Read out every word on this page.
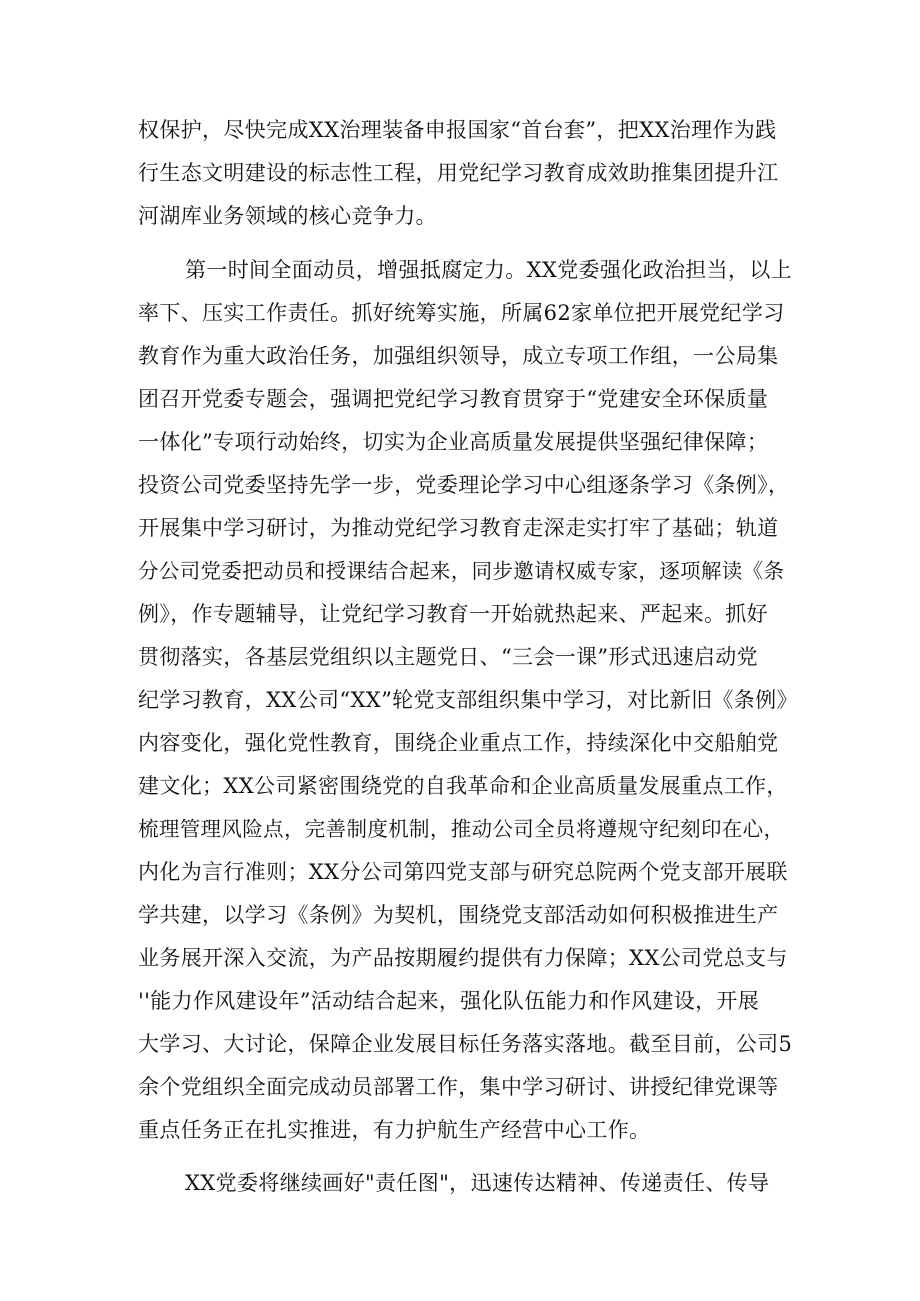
权保护，尽快完成XX治理装备申报国家“首台套”，把XX治理作为践
行生态文明建设的标志性工程，用党纪学习教育成效助推集团提升江
河湖库业务领域的核心竞争力。
第一时间全面动员，增强抵腐定力。XX党委强化政治担当，以上
率下、压实工作责任。抓好统筹实施，所属62家单位把开展党纪学习
教育作为重大政治任务，加强组织领导，成立专项工作组，一公局集
团召开党委专题会，强调把党纪学习教育贯穿于“党建安全环保质量
一体化”专项行动始终，切实为企业高质量发展提供坚强纪律保障；
投资公司党委坚持先学一步，党委理论学习中心组逐条学习《条例》，
开展集中学习研讨，为推动党纪学习教育走深走实打牢了基础；轨道
分公司党委把动员和授课结合起来，同步邀请权威专家，逐项解读《条
例》，作专题辅导，让党纪学习教育一开始就热起来、严起来。抓好
贯彻落实，各基层党组织以主题党日、“三会一课”形式迅速启动党
纪学习教育，XX公司“XX”轮党支部组织集中学习，对比新旧《条例》
内容变化，强化党性教育，围绕企业重点工作，持续深化中交船舶党
建文化；XX公司紧密围绕党的自我革命和企业高质量发展重点工作，
梳理管理风险点，完善制度机制，推动公司全员将遵规守纪刻印在心，
内化为言行准则；XX分公司第四党支部与研究总院两个党支部开展联
学共建，以学习《条例》为契机，围绕党支部活动如何积极推进生产
业务展开深入交流，为产品按期履约提供有力保障；XX公司党总支与
''能力作风建设年”活动结合起来，强化队伍能力和作风建设，开展
大学习、大讨论，保障企业发展目标任务落实落地。截至目前，公司5
余个党组织全面完成动员部署工作，集中学习研讨、讲授纪律党课等
重点任务正在扎实推进，有力护航生产经营中心工作。
XX党委将继续画好"责任图"，迅速传达精神、传递责任、传导
